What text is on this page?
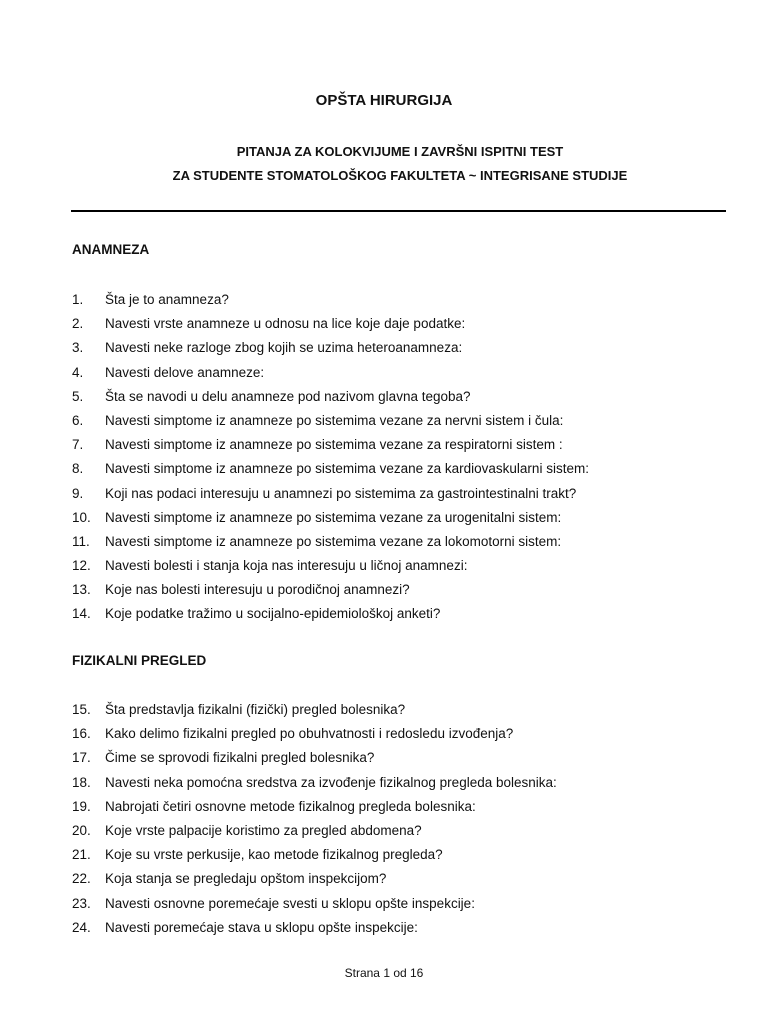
OPŠTA HIRURGIJA
PITANJA ZA KOLOKVIJUME I ZAVRŠNI ISPITNI TEST
ZA STUDENTE STOMATOLOŠKOG FAKULTETA ~ INTEGRISANE STUDIJE
ANAMNEZA
1. Šta je to anamneza?
2. Navesti vrste anamneze u odnosu na lice koje daje podatke:
3. Navesti neke razloge zbog kojih se uzima heteroanamneza:
4. Navesti delove anamneze:
5. Šta se navodi u delu anamneze pod nazivom glavna tegoba?
6. Navesti simptome iz anamneze po sistemima vezane za nervni sistem i čula:
7. Navesti simptome iz anamneze po sistemima vezane za respiratorni sistem :
8. Navesti simptome iz anamneze po sistemima vezane za kardiovaskularni sistem:
9. Koji nas podaci interesuju u anamnezi po sistemima za gastrointestinalni trakt?
10. Navesti simptome iz anamneze po sistemima vezane za urogenitalni sistem:
11. Navesti simptome iz anamneze po sistemima vezane za lokomotorni sistem:
12. Navesti bolesti i stanja koja nas interesuju u ličnoj anamnezi:
13. Koje nas bolesti interesuju u porodičnoj anamnezi?
14. Koje podatke tražimo u socijalno-epidemiološkoj anketi?
FIZIKALNI PREGLED
15. Šta predstavlja fizikalni (fizički) pregled bolesnika?
16. Kako delimo fizikalni pregled po obuhvatnosti i redosledu izvođenja?
17. Čime se sprovodi fizikalni pregled bolesnika?
18. Navesti neka pomoćna sredstva za izvođenje fizikalnog pregleda bolesnika:
19. Nabrojati četiri osnovne metode fizikalnog pregleda bolesnika:
20. Koje vrste palpacije koristimo za pregled abdomena?
21. Koje su vrste perkusije, kao metode fizikalnog pregleda?
22. Koja stanja se pregledaju opštom inspekcijom?
23. Navesti osnovne poremećaje svesti u sklopu opšte inspekcije:
24. Navesti poremećaje stava u sklopu opšte inspekcije:
Strana 1 od 16
